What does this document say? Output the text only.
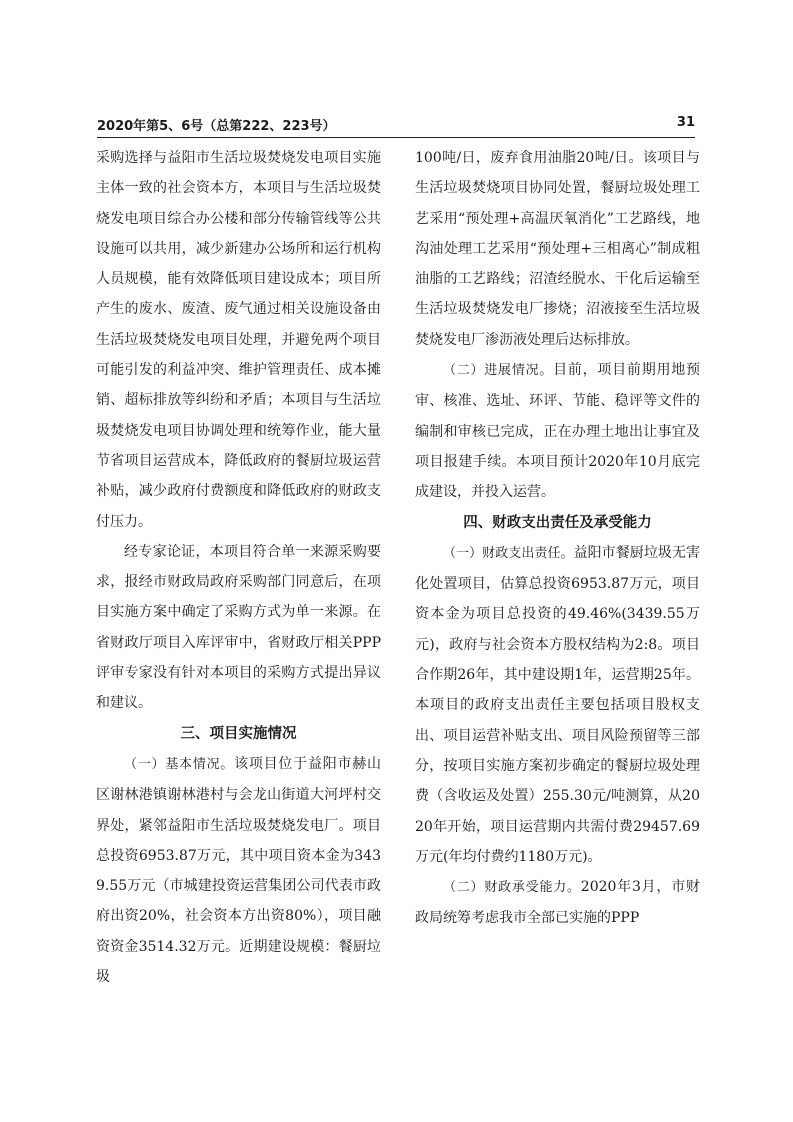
2020年第5、6号（总第222、223号）	31

采购选择与益阳市生活垃圾焚烧发电项目实施主体一致的社会资本方，本项目与生活垃圾焚烧发电项目综合办公楼和部分传输管线等公共设施可以共用，减少新建办公场所和运行机构人员规模，能有效降低项目建设成本；项目所产生的废水、废渣、废气通过相关设施设备由生活垃圾焚烧发电项目处理，并避免两个项目可能引发的利益冲突、维护管理责任、成本摊销、超标排放等纠纷和矛盾；本项目与生活垃圾焚烧发电项目协调处理和统筹作业，能大量节省项目运营成本，降低政府的餐厨垃圾运营补贴，减少政府付费额度和降低政府的财政支付压力。

经专家论证，本项目符合单一来源采购要求，报经市财政局政府采购部门同意后，在项目实施方案中确定了采购方式为单一来源。在省财政厅项目入库评审中，省财政厅相关PPP评审专家没有针对本项目的采购方式提出异议和建议。

三、项目实施情况

（一）基本情况。该项目位于益阳市赫山区谢林港镇谢林港村与会龙山街道大河坪村交界处，紧邻益阳市生活垃圾焚烧发电厂。项目总投资6953.87万元，其中项目资本金为3439.55万元（市城建投资运营集团公司代表市政府出资20%，社会资本方出资80%），项目融资资金3514.32万元。近期建设规模：餐厨垃圾

100吨/日，废弃食用油脂20吨/日。该项目与生活垃圾焚烧项目协同处置，餐厨垃圾处理工艺采用“预处理+高温厌氧消化”工艺路线，地沟油处理工艺采用“预处理+三相离心”制成粗油脂的工艺路线；沼渣经脱水、干化后运输至生活垃圾焚烧发电厂掺烧；沼液接至生活垃圾焚烧发电厂渗沥液处理后达标排放。

（二）进展情况。目前，项目前期用地预审、核准、选址、环评、节能、稳评等文件的编制和审核已完成，正在办理土地出让事宜及项目报建手续。本项目预计2020年10月底完成建设，并投入运营。

四、财政支出责任及承受能力

（一）财政支出责任。益阳市餐厨垃圾无害化处置项目，估算总投资6953.87万元，项目资本金为项目总投资的49.46%(3439.55万元)，政府与社会资本方股权结构为2:8。项目合作期26年，其中建设期1年，运营期25年。本项目的政府支出责任主要包括项目股权支出、项目运营补贴支出、项目风险预留等三部分，按项目实施方案初步确定的餐厨垃圾处理费（含收运及处置）255.30元/吨测算，从2020年开始，项目运营期内共需付费29457.69万元(年均付费约1180万元)。

（二）财政承受能力。2020年3月，市财政局统筹考虑我市全部已实施的PPP
